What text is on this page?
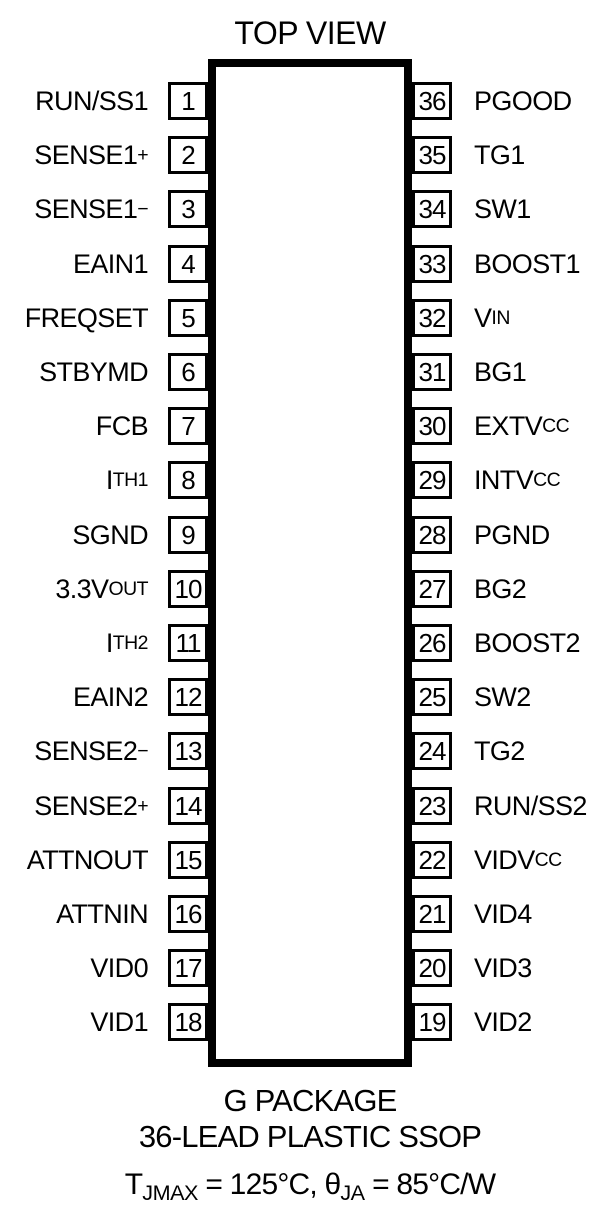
TOP VIEW
1
RUN/SS1
2
SENSE1 +
3
SENSE1 −
4
EAIN1
5
FREQSET
6
STBYMD
7
FCB
8
I TH1
9
SGND
10
3.3V OUT
11
I TH2
12
EAIN2
13
SENSE2 −
14
SENSE2 +
15
ATTNOUT
16
ATTNIN
17
VID0
18
VID1
36 PGOOD
35 TG1
34 SW1
33 BOOST1
32 V IN
31 BG1
30 EXTV CC
29 INTV CC
28 PGND
27 BG2
26 BOOST2
25 SW2
24 TG2
23 RUN/SS2
22 VIDV CC
21 VID4
20 VID3
19 VID2
G PACKAGE
36-LEAD PLASTIC SSOP
$T_{JMAX} = 125^\circ C$, $\theta_{JA} = 85^\circ C/W$
